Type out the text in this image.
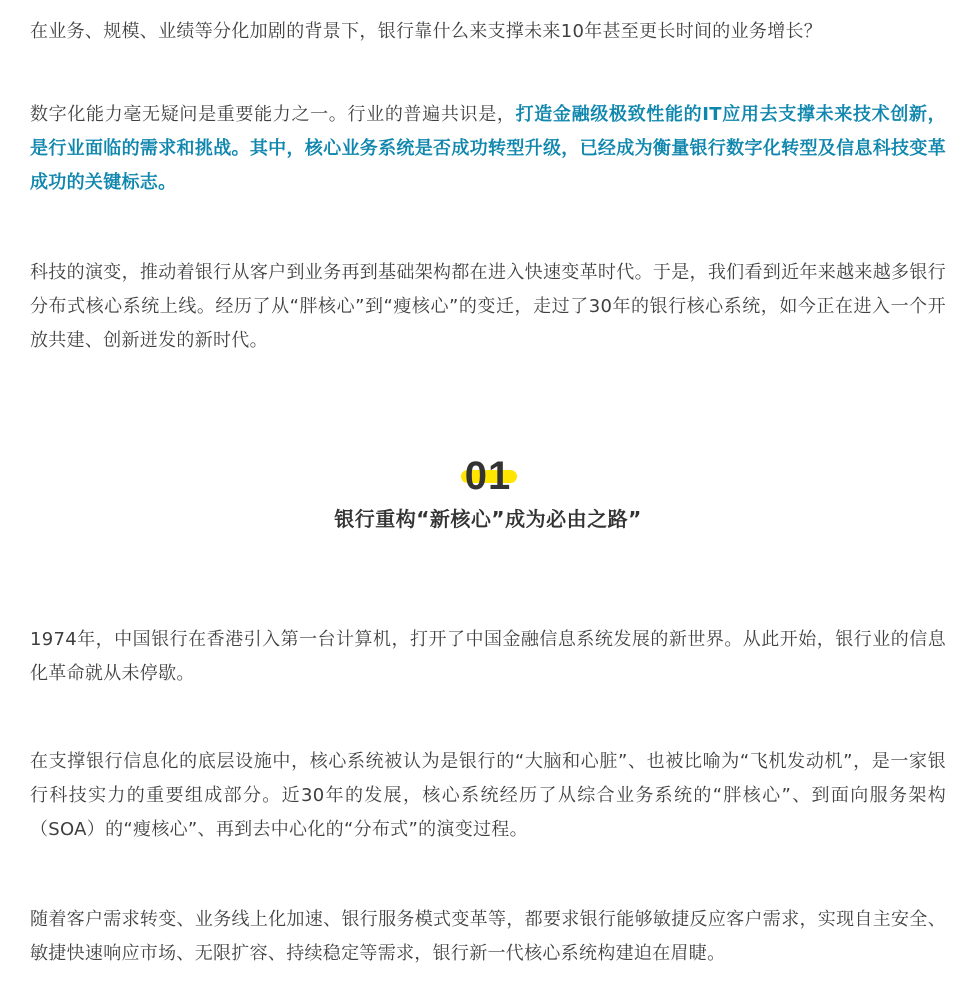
在业务、规模、业绩等分化加剧的背景下，银行靠什么来支撑未来10年甚至更长时间的业务增长？

数字化能力毫无疑问是重要能力之一。行业的普遍共识是，打造金融级极致性能的IT应用去支撑未来技术创新，是行业面临的需求和挑战。其中，核心业务系统是否成功转型升级，已经成为衡量银行数字化转型及信息科技变革成功的关键标志。

科技的演变，推动着银行从客户到业务再到基础架构都在进入快速变革时代。于是，我们看到近年来越来越多银行分布式核心系统上线。经历了从“胖核心”到“瘦核心”的变迁，走过了30年的银行核心系统，如今正在进入一个开放共建、创新迸发的新时代。

01
银行重构“新核心”成为必由之路”

1974年，中国银行在香港引入第一台计算机，打开了中国金融信息系统发展的新世界。从此开始，银行业的信息化革命就从未停歇。

在支撑银行信息化的底层设施中，核心系统被认为是银行的“大脑和心脏”、也被比喻为“飞机发动机”，是一家银行科技实力的重要组成部分。近30年的发展，核心系统经历了从综合业务系统的“胖核心”、到面向服务架构（SOA）的“瘦核心”、再到去中心化的“分布式”的演变过程。

随着客户需求转变、业务线上化加速、银行服务模式变革等，都要求银行能够敏捷反应客户需求，实现自主安全、敏捷快速响应市场、无限扩容、持续稳定等需求，银行新一代核心系统构建迫在眉睫。
